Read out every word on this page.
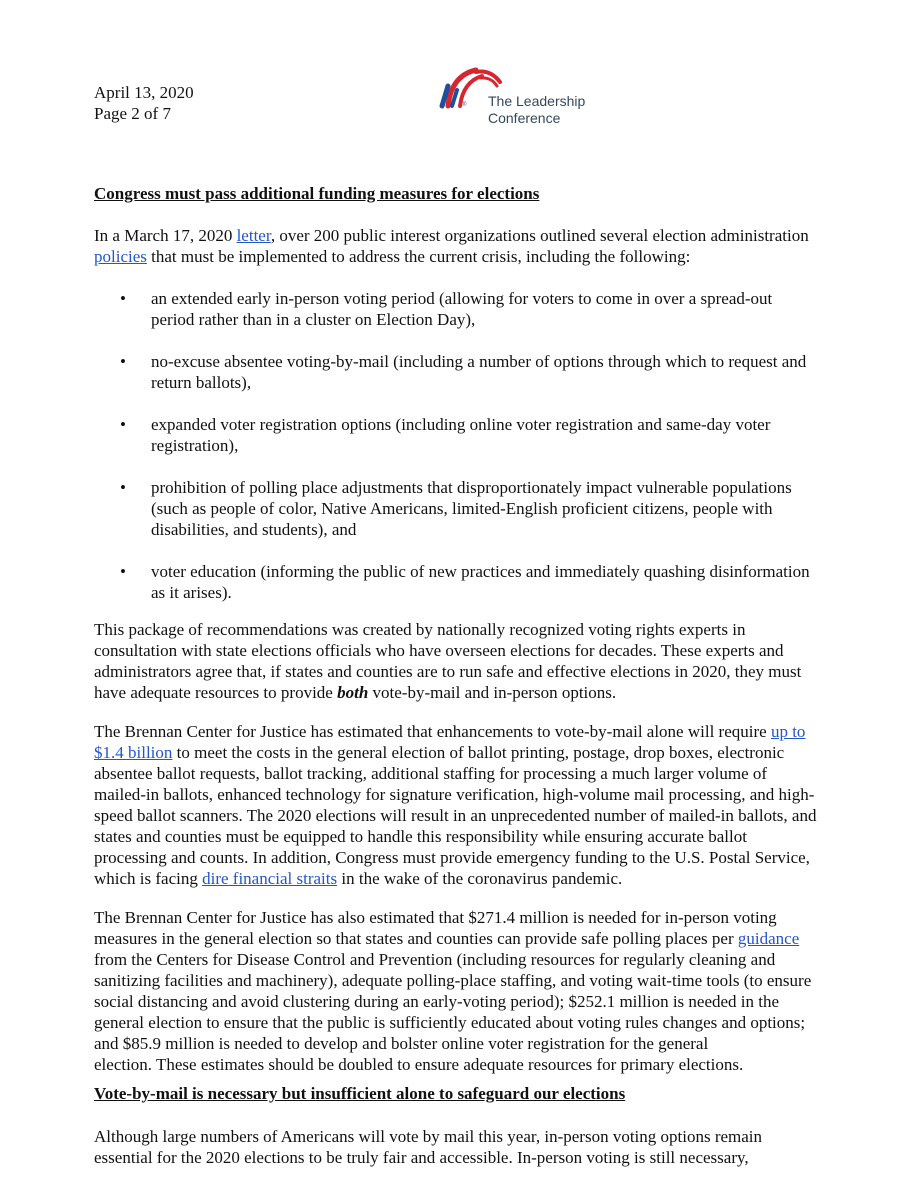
April 13, 2020
Page 2 of 7	® The Leadership
Conference
Congress must pass additional funding measures for elections
In a March 17, 2020 letter, over 200 public interest organizations outlined several election administration
policies that must be implemented to address the current crisis, including the following:
• an extended early in-person voting period (allowing for voters to come in over a spread-out
period rather than in a cluster on Election Day),
• no-excuse absentee voting-by-mail (including a number of options through which to request and
return ballots),
• expanded voter registration options (including online voter registration and same-day voter
registration),
• prohibition of polling place adjustments that disproportionately impact vulnerable populations
(such as people of color, Native Americans, limited-English proficient citizens, people with
disabilities, and students), and
• voter education (informing the public of new practices and immediately quashing disinformation
as it arises).
This package of recommendations was created by nationally recognized voting rights experts in
consultation with state elections officials who have overseen elections for decades. These experts and
administrators agree that, if states and counties are to run safe and effective elections in 2020, they must
have adequate resources to provide both vote-by-mail and in-person options.
The Brennan Center for Justice has estimated that enhancements to vote-by-mail alone will require up to
$1.4 billion to meet the costs in the general election of ballot printing, postage, drop boxes, electronic
absentee ballot requests, ballot tracking, additional staffing for processing a much larger volume of
mailed-in ballots, enhanced technology for signature verification, high-volume mail processing, and high-
speed ballot scanners. The 2020 elections will result in an unprecedented number of mailed-in ballots, and
states and counties must be equipped to handle this responsibility while ensuring accurate ballot
processing and counts. In addition, Congress must provide emergency funding to the U.S. Postal Service,
which is facing dire financial straits in the wake of the coronavirus pandemic.
The Brennan Center for Justice has also estimated that $271.4 million is needed for in-person voting
measures in the general election so that states and counties can provide safe polling places per guidance
from the Centers for Disease Control and Prevention (including resources for regularly cleaning and
sanitizing facilities and machinery), adequate polling-place staffing, and voting wait-time tools (to ensure
social distancing and avoid clustering during an early-voting period); $252.1 million is needed in the
general election to ensure that the public is sufficiently educated about voting rules changes and options;
and $85.9 million is needed to develop and bolster online voter registration for the general
election. These estimates should be doubled to ensure adequate resources for primary elections.
Vote-by-mail is necessary but insufficient alone to safeguard our elections
Although large numbers of Americans will vote by mail this year, in-person voting options remain
essential for the 2020 elections to be truly fair and accessible. In-person voting is still necessary,
